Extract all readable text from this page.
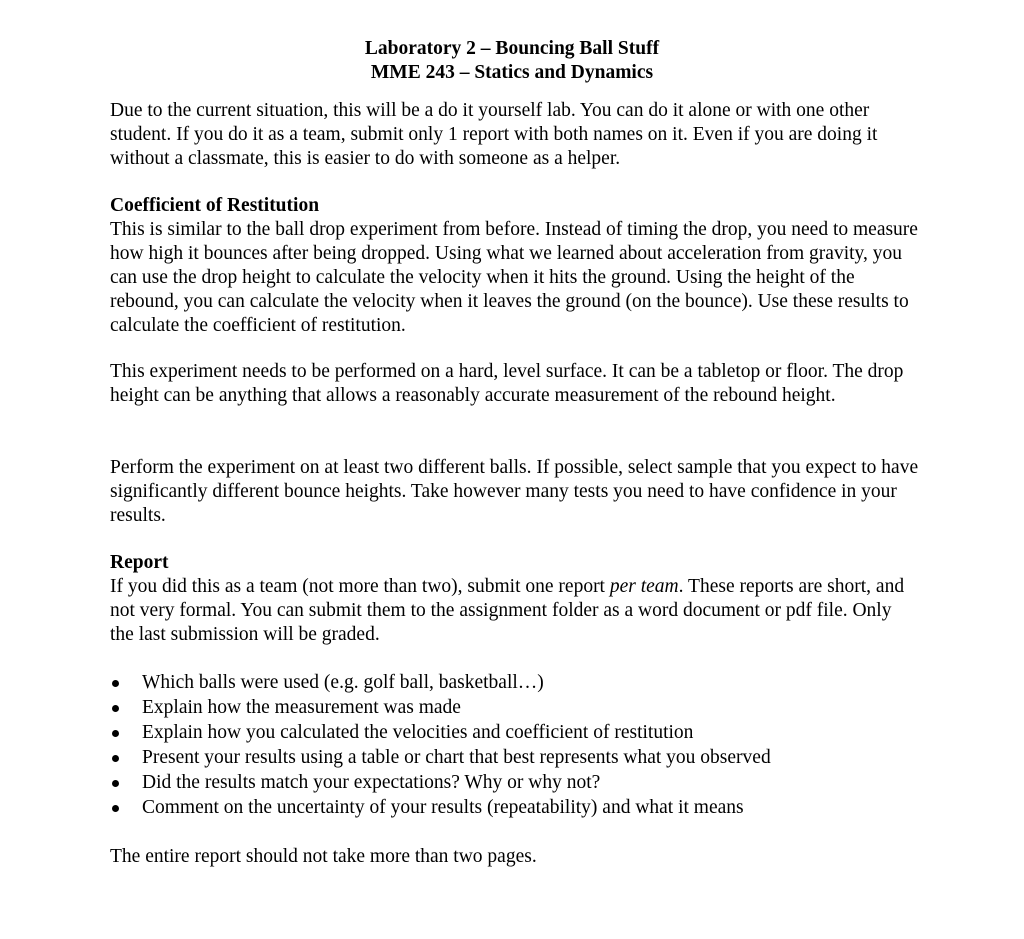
Laboratory 2 – Bouncing Ball Stuff
MME 243 – Statics and Dynamics

Due to the current situation, this will be a do it yourself lab. You can do it alone or with one other student. If you do it as a team, submit only 1 report with both names on it. Even if you are doing it without a classmate, this is easier to do with someone as a helper.

Coefficient of Restitution

This is similar to the ball drop experiment from before. Instead of timing the drop, you need to measure how high it bounces after being dropped. Using what we learned about acceleration from gravity, you can use the drop height to calculate the velocity when it hits the ground. Using the height of the rebound, you can calculate the velocity when it leaves the ground (on the bounce). Use these results to calculate the coefficient of restitution.

This experiment needs to be performed on a hard, level surface. It can be a tabletop or floor. The drop height can be anything that allows a reasonably accurate measurement of the rebound height.

Perform the experiment on at least two different balls. If possible, select sample that you expect to have significantly different bounce heights. Take however many tests you need to have confidence in your results.

Report

If you did this as a team (not more than two), submit one report per team. These reports are short, and not very formal. You can submit them to the assignment folder as a word document or pdf file. Only the last submission will be graded.

Which balls were used (e.g. golf ball, basketball…)
Explain how the measurement was made
Explain how you calculated the velocities and coefficient of restitution
Present your results using a table or chart that best represents what you observed
Did the results match your expectations? Why or why not?
Comment on the uncertainty of your results (repeatability) and what it means

The entire report should not take more than two pages.
